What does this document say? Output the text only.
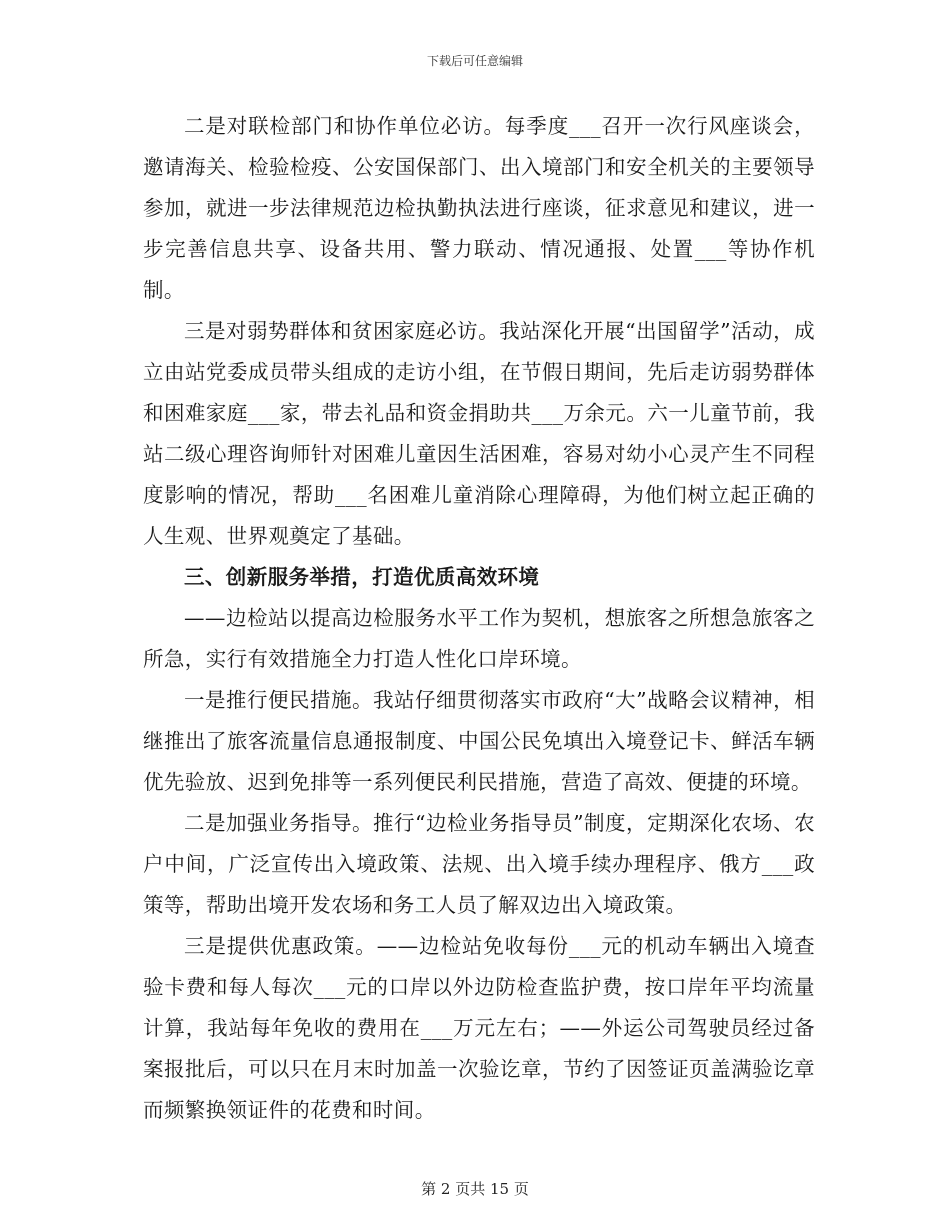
下载后可任意编辑

二是对联检部门和协作单位必访。每季度___召开一次行风座谈会，邀请海关、检验检疫、公安国保部门、出入境部门和安全机关的主要领导参加，就进一步法律规范边检执勤执法进行座谈，征求意见和建议，进一步完善信息共享、设备共用、警力联动、情况通报、处置___等协作机制。

三是对弱势群体和贫困家庭必访。我站深化开展“出国留学”活动，成立由站党委成员带头组成的走访小组，在节假日期间，先后走访弱势群体和困难家庭___家，带去礼品和资金捐助共___万余元。六一儿童节前，我站二级心理咨询师针对困难儿童因生活困难，容易对幼小心灵产生不同程度影响的情况，帮助___名困难儿童消除心理障碍，为他们树立起正确的人生观、世界观奠定了基础。

三、创新服务举措，打造优质高效环境

——边检站以提高边检服务水平工作为契机，想旅客之所想急旅客之所急，实行有效措施全力打造人性化口岸环境。

一是推行便民措施。我站仔细贯彻落实市政府“大”战略会议精神，相继推出了旅客流量信息通报制度、中国公民免填出入境登记卡、鲜活车辆优先验放、迟到免排等一系列便民利民措施，营造了高效、便捷的环境。

二是加强业务指导。推行“边检业务指导员”制度，定期深化农场、农户中间，广泛宣传出入境政策、法规、出入境手续办理程序、俄方___政策等，帮助出境开发农场和务工人员了解双边出入境政策。

三是提供优惠政策。——边检站免收每份___元的机动车辆出入境查验卡费和每人每次___元的口岸以外边防检查监护费，按口岸年平均流量计算，我站每年免收的费用在___万元左右；——外运公司驾驶员经过备案报批后，可以只在月末时加盖一次验讫章，节约了因签证页盖满验讫章而频繁换领证件的花费和时间。

第 2 页共 15 页
